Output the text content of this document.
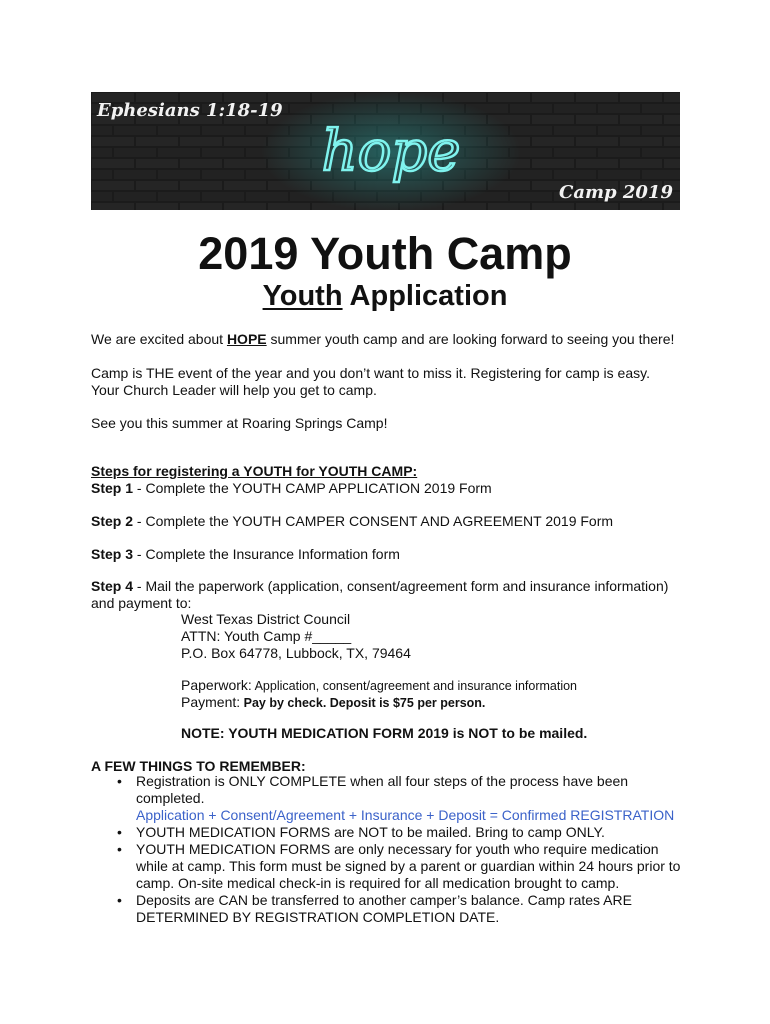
Ephesians 1:18-19
hope
Camp 2019
2019 Youth Camp
Youth Application
We are excited about HOPE summer youth camp and are looking forward to seeing you there!
Camp is THE event of the year and you don’t want to miss it. Registering for camp is easy.
Your Church Leader will help you get to camp.
See you this summer at Roaring Springs Camp!
Steps for registering a YOUTH for YOUTH CAMP:
Step 1 - Complete the YOUTH CAMP APPLICATION 2019 Form
Step 2 - Complete the YOUTH CAMPER CONSENT AND AGREEMENT 2019 Form
Step 3 - Complete the Insurance Information form
Step 4 - Mail the paperwork (application, consent/agreement form and insurance information)
and payment to:
West Texas District Council
ATTN: Youth Camp #_____
P.O. Box 64778, Lubbock, TX, 79464
Paperwork: Application, consent/agreement and insurance information
Payment: Pay by check. Deposit is $75 per person.
NOTE: YOUTH MEDICATION FORM 2019 is NOT to be mailed.
A FEW THINGS TO REMEMBER:
• Registration is ONLY COMPLETE when all four steps of the process have been
completed.
Application + Consent/Agreement + Insurance + Deposit = Confirmed REGISTRATION
• YOUTH MEDICATION FORMS are NOT to be mailed. Bring to camp ONLY.
• YOUTH MEDICATION FORMS are only necessary for youth who require medication
while at camp. This form must be signed by a parent or guardian within 24 hours prior to
camp. On-site medical check-in is required for all medication brought to camp.
• Deposits are CAN be transferred to another camper’s balance. Camp rates ARE
DETERMINED BY REGISTRATION COMPLETION DATE.
